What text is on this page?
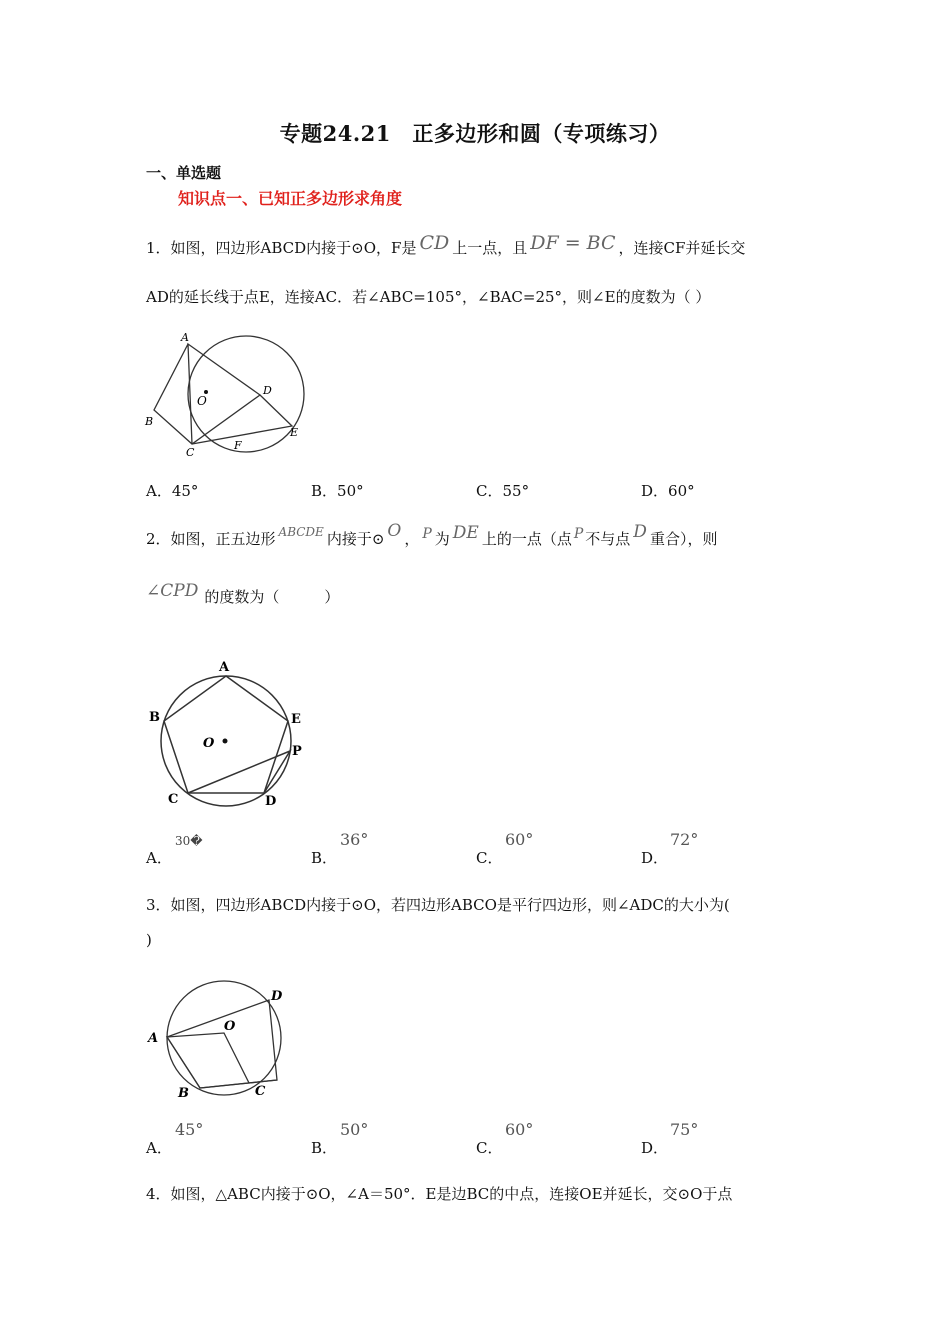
专题24.21　正多边形和圆（专项练习）
一、单选题
知识点一、已知正多边形求角度
1．如图，四边形ABCD内接于⊙O，F是 CD 上一点，且 DF = BC ，连接CF并延长交
AD的延长线于点E，连接AC．若∠ABC=105°，∠BAC=25°，则∠E的度数为（ ）
A
B
C
D
E
F
O
A．45°	B．50°	C．55°	D．60°
2．如图，正五边形 $^{ABCDE}$ 内接于⊙ O ， P 为 DE 上的一点（点 P 不与点 D 重合），则
∠CPD 的度数为（　　　）
A
B
C	D
E
P
O
A．
30�
B．
36°
C．
60°
D．
72°
3．如图，四边形ABCD内接于⊙O，若四边形ABCO是平行四边形，则∠ADC的大小为(
)
A
B	C
D
O
A．
45°
B．
50°
C．
60°
D．
75°
4．如图，△ABC内接于⊙O，∠A＝50°．E是边BC的中点，连接OE并延长，交⊙O于点
